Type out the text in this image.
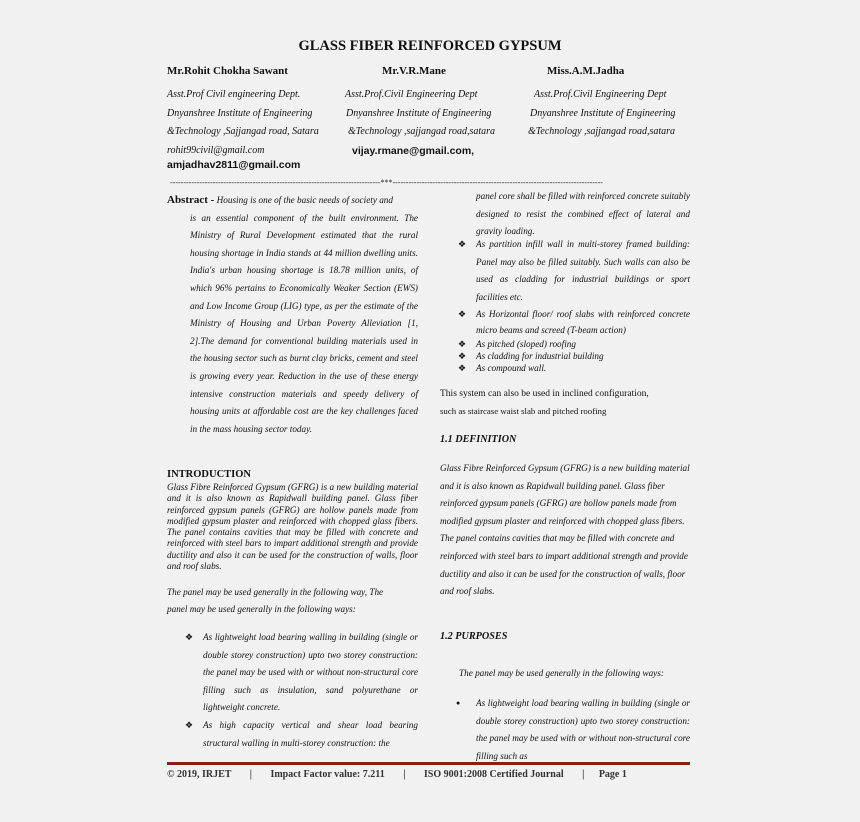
GLASS FIBER REINFORCED GYPSUM
Mr.Rohit Chokha Sawant	Mr.V.R.Mane	Miss.A.M.Jadha
Asst.Prof Civil engineering Dept.	Asst.Prof.Civil Engineering Dept	Asst.Prof.Civil Engineering Dept
Dnyanshree Institute of Engineering	Dnyanshree Institute of Engineering	Dnyanshree Institute of Engineering
&Technology ,Sajjangad road, Satara	&Technology ,sajjangad road,satara	&Technology ,sajjangad road,satara
rohit99civil@gmail.com	vijay.rmane@gmail.com,
amjadhav2811@gmail.com
-------------------------------------------------------------------------------***-------------------------------------------------------------------------------
Abstract - Housing is one of the basic needs of society and
is an essential component of the built environment. The Ministry of Rural Development estimated that the rural housing shortage in India stands at 44 million dwelling units. India's urban housing shortage is 18.78 million units, of which 96% pertains to Economically Weaker Section (EWS) and Low Income Group (LIG) type, as per the estimate of the Ministry of Housing and Urban Poverty Alleviation [1, 2].The demand for conventional building materials used in the housing sector such as burnt clay bricks, cement and steel is growing every year. Reduction in the use of these energy intensive construction materials and speedy delivery of housing units at affordable cost are the key challenges faced in the mass housing sector today.
INTRODUCTION
Glass Fibre Reinforced Gypsum (GFRG) is a new building material and it is also known as Rapidwall building panel. Glass fiber reinforced gypsum panels (GFRG) are hollow panels made from modified gypsum plaster and reinforced with chopped glass fibers. The panel contains cavities that may be filled with concrete and reinforced with steel bars to impart additional strength and provide ductility and also it can be used for the construction of walls, floor and roof slabs.
The panel may be used generally in the following way, The
panel may be used generally in the following ways:
❖ As lightweight load bearing walling in building (single or double storey construction) upto two storey construction: the panel may be used with or without non-structural core filling such as insulation, sand polyurethane or lightweight concrete.
❖ As high capacity vertical and shear load bearing structural walling in multi-storey construction: the
panel core shall be filled with reinforced concrete suitably designed to resist the combined effect of lateral and gravity loading.
❖ As partition infill wall in multi-storey framed building: Panel may also be filled suitably. Such walls can also be used as cladding for industrial buildings or sport facilities etc.
❖ As Horizontal floor/ roof slabs with reinforced concrete micro beams and screed (T-beam action)
❖ As pitched (sloped) roofing
❖ As cladding for industrial building
❖ As compound wall.
This system can also be used in inclined configuration,
such as staircase waist slab and pitched roofing
1.1 DEFINITION
Glass Fibre Reinforced Gypsum (GFRG) is a new building material and it is also known as Rapidwall building panel. Glass fiber reinforced gypsum panels (GFRG) are hollow panels made from modified gypsum plaster and reinforced with chopped glass fibers. The panel contains cavities that may be filled with concrete and reinforced with steel bars to impart additional strength and provide ductility and also it can be used for the construction of walls, floor and roof slabs.
1.2 PURPOSES
The panel may be used generally in the following ways:
● As lightweight load bearing walling in building (single or double storey construction) upto two storey construction: the panel may be used with or without non-structural core filling such as
© 2019, IRJET | Impact Factor value: 7.211 | ISO 9001:2008 Certified Journal | Page 1
